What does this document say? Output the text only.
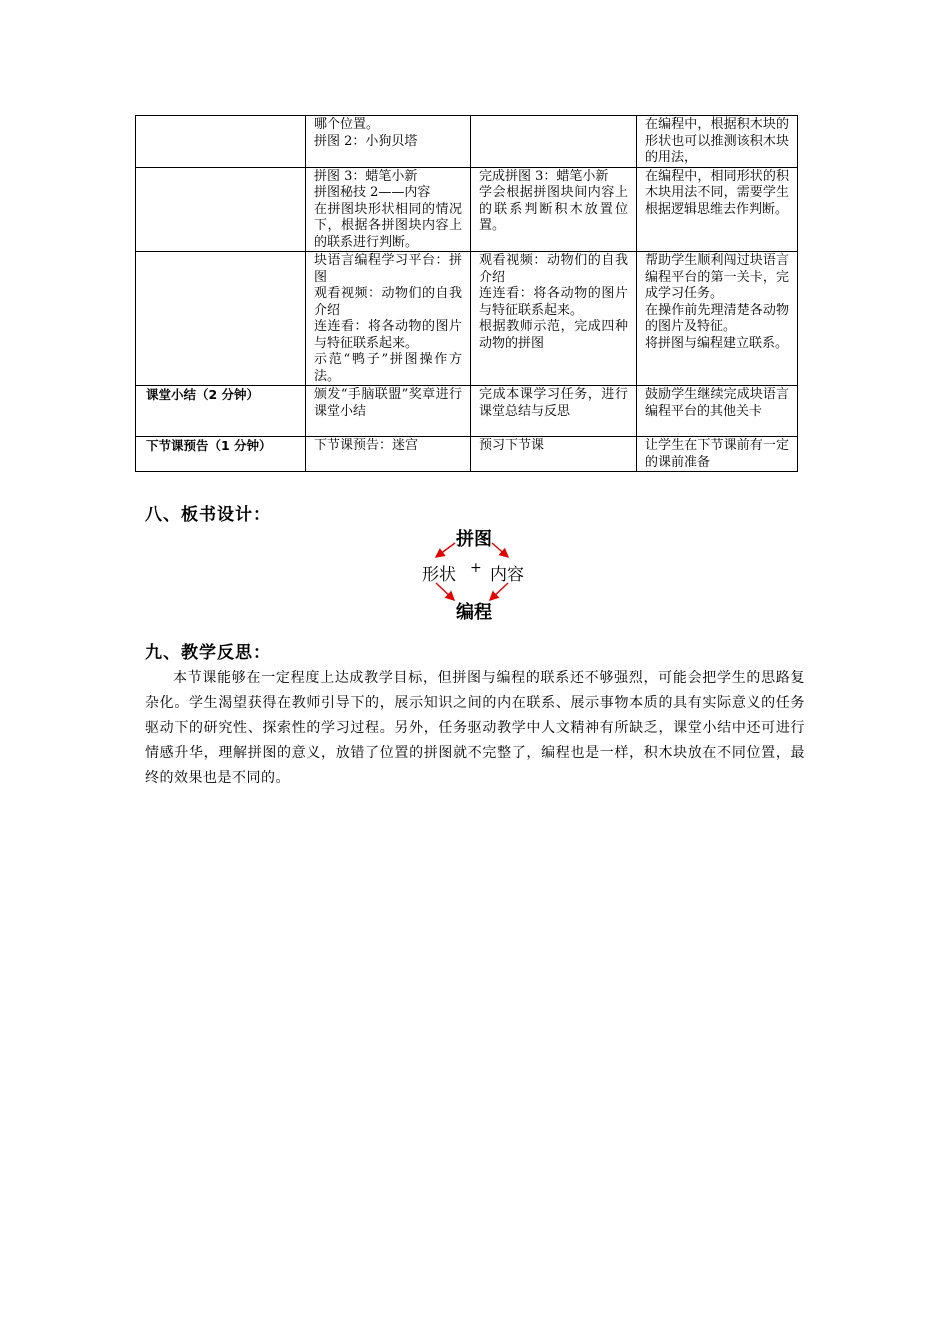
	哪个位置。
拼图 2：小狗贝塔		在编程中，根据积木块的形状也可以推测该积木块的用法，
	拼图 3：蜡笔小新
拼图秘技 2——内容
在拼图块形状相同的情况下，根据各拼图块内容上的联系进行判断。	完成拼图 3：蜡笔小新
学会根据拼图块间内容上的联系判断积木放置位置。	在编程中，相同形状的积木块用法不同，需要学生根据逻辑思维去作判断。
	块语言编程学习平台：拼图
观看视频：动物们的自我介绍
连连看：将各动物的图片与特征联系起来。
示范“鸭子”拼图操作方法。	观看视频：动物们的自我介绍
连连看：将各动物的图片与特征联系起来。
根据教师示范，完成四种动物的拼图	帮助学生顺利闯过块语言编程平台的第一关卡，完成学习任务。
在操作前先理清楚各动物的图片及特征。
将拼图与编程建立联系。
课堂小结（2 分钟）	颁发“手脑联盟”奖章进行课堂小结	完成本课学习任务，进行课堂总结与反思	鼓励学生继续完成块语言编程平台的其他关卡
下节课预告（1 分钟）	下节课预告：迷宫	预习下节课	让学生在下节课前有一定的课前准备
八、板书设计：
拼图
形状 + 内容
编程
九、教学反思：

本节课能够在一定程度上达成教学目标，但拼图与编程的联系还不够强烈，可能会把学生的思路复杂化。学生渴望获得在教师引导下的，展示知识之间的内在联系、展示事物本质的具有实际意义的任务驱动下的研究性、探索性的学习过程。另外，任务驱动教学中人文精神有所缺乏，课堂小结中还可进行情感升华，理解拼图的意义，放错了位置的拼图就不完整了，编程也是一样，积木块放在不同位置，最终的效果也是不同的。
